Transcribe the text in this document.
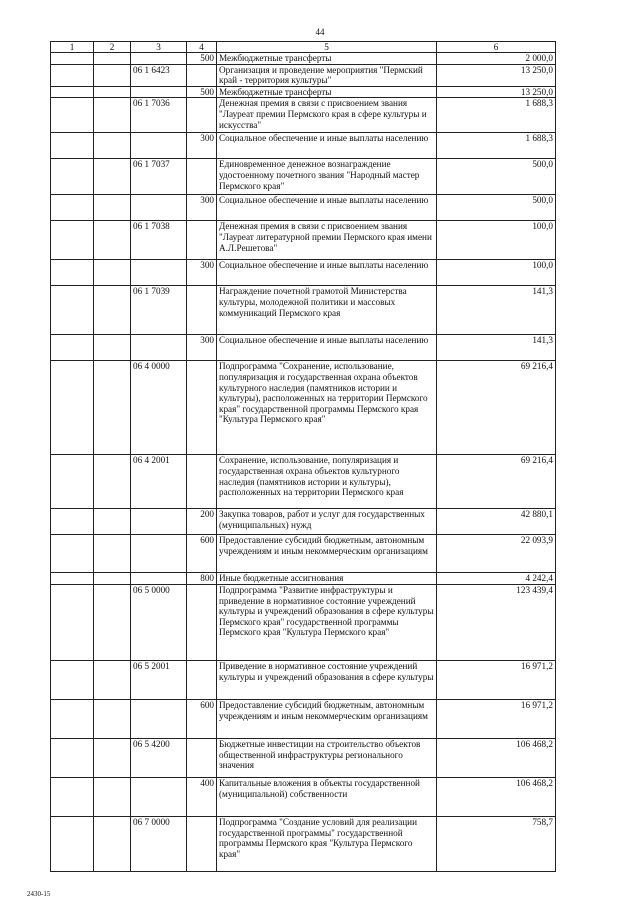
44
1	2	3	4	5	6
			500	Межбюджетные трансферты	2 000,0
		06 1 6423		Организация и проведение мероприятия "Пермский край - территория культуры"	13 250,0
			500	Межбюджетные трансферты	13 250,0
		06 1 7036		Денежная премия в связи с присвоением звания "Лауреат премии Пермского края в сфере культуры и искусства"	1 688,3
			300	Социальное обеспечение и иные выплаты населению	1 688,3
		06 1 7037		Единовременное денежное вознаграждение удостоенному почетного звания "Народный мастер Пермского края"	500,0
			300	Социальное обеспечение и иные выплаты населению	500,0
		06 1 7038		Денежная премия в связи с присвоением звания "Лауреат литературной премии Пермского края имени А.Л.Решетова"	100,0
			300	Социальное обеспечение и иные выплаты населению	100,0
		06 1 7039		Награждение почетной грамотой Министерства культуры, молодежной политики и массовых коммуникаций Пермского края	141,3
			300	Социальное обеспечение и иные выплаты населению	141,3
		06 4 0000		Подпрограмма "Сохранение, использование, популяризация и государственная охрана объектов культурного наследия (памятников истории и культуры), расположенных на территории Пермского края" государственной программы Пермского края "Культура Пермского края"	69 216,4
		06 4 2001		Сохранение, использование, популяризация и государственная охрана объектов культурного наследия (памятников истории и культуры), расположенных на территории Пермского края	69 216,4
			200	Закупка товаров, работ и услуг для государственных (муниципальных) нужд	42 880,1
			600	Предоставление субсидий бюджетным, автономным учреждениям и иным некоммерческим организациям	22 093,9
			800	Иные бюджетные ассигнования	4 242,4
		06 5 0000		Подпрограмма "Развитие инфраструктуры и приведение в нормативное состояние учреждений культуры и учреждений образования в сфере культуры Пермского края" государственной программы Пермского края "Культура Пермского края"	123 439,4
		06 5 2001		Приведение в нормативное состояние учреждений культуры и учреждений образования в сфере культуры	16 971,2
			600	Предоставление субсидий бюджетным, автономным учреждениям и иным некоммерческим организациям	16 971,2
		06 5 4200		Бюджетные инвестиции на строительство объектов общественной инфраструктуры регионального значения	106 468,2
			400	Капитальные вложения в объекты государственной (муниципальной) собственности	106 468,2
		06 7 0000		Подпрограмма "Создание условий для реализации государственной программы" государственной программы Пермского края "Культура Пермского края"	758,7
2430-15
